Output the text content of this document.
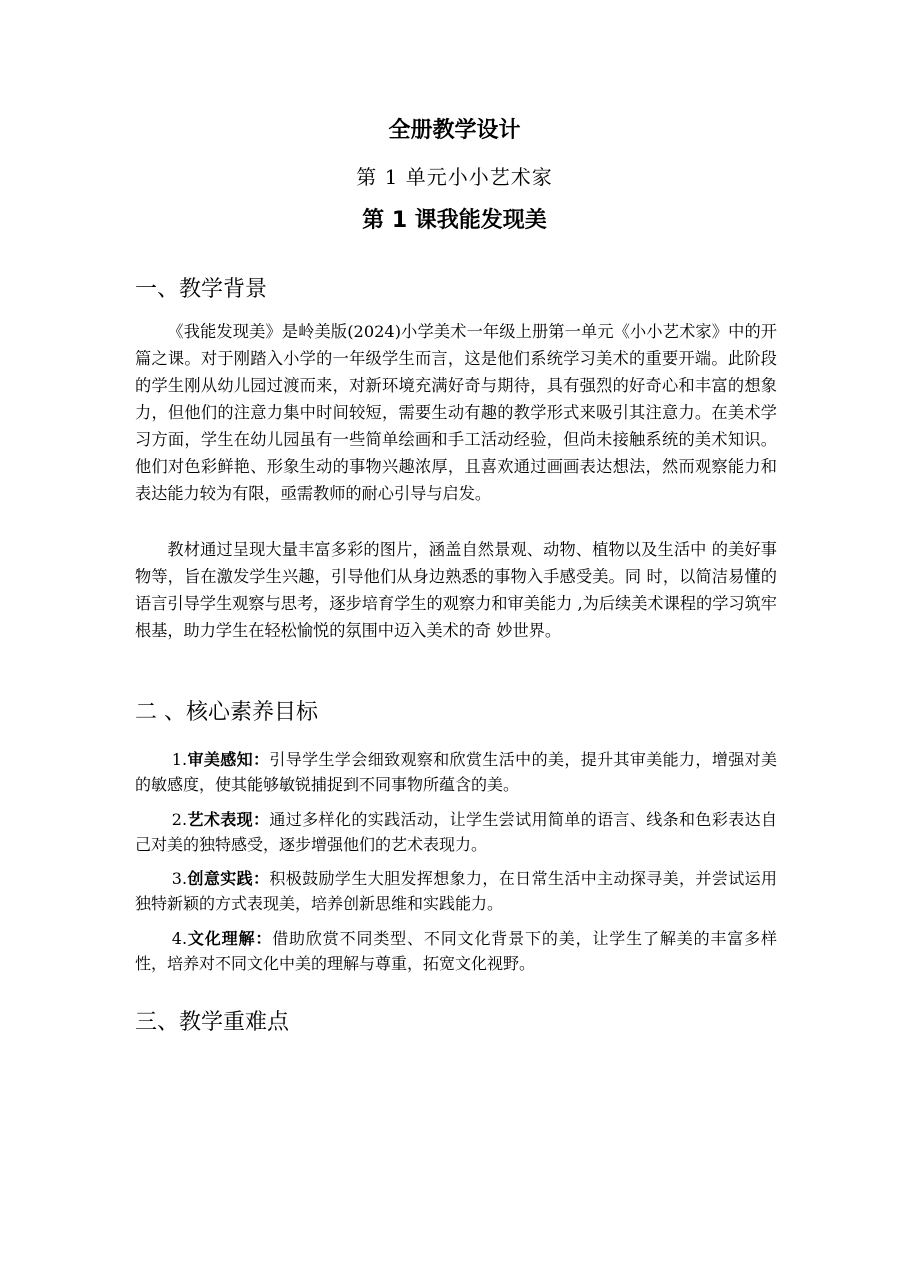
全册教学设计
第 1 单元小小艺术家
第 1 课我能发现美
一、教学背景
《我能发现美》是岭美版(2024)小学美术一年级上册第一单元《小小艺术家》中的开篇之课。对于刚踏入小学的一年级学生而言，这是他们系统学习美术的重要开端。此阶段的学生刚从幼儿园过渡而来，对新环境充满好奇与期待，具有强烈的好奇心和丰富的想象力，但他们的注意力集中时间较短，需要生动有趣的教学形式来吸引其注意力。在美术学习方面，学生在幼儿园虽有一些简单绘画和手工活动经验，但尚未接触系统的美术知识。他们对色彩鲜艳、形象生动的事物兴趣浓厚，且喜欢通过画画表达想法，然而观察能力和表达能力较为有限，亟需教师的耐心引导与启发。
教材通过呈现大量丰富多彩的图片，涵盖自然景观、动物、植物以及生活中 的美好事物等，旨在激发学生兴趣，引导他们从身边熟悉的事物入手感受美。同 时，以简洁易懂的语言引导学生观察与思考，逐步培育学生的观察力和审美能力 ,为后续美术课程的学习筑牢根基，助力学生在轻松愉悦的氛围中迈入美术的奇 妙世界。
二 、核心素养目标
1.审美感知：引导学生学会细致观察和欣赏生活中的美，提升其审美能力，增强对美的敏感度，使其能够敏锐捕捉到不同事物所蕴含的美。
2.艺术表现：通过多样化的实践活动，让学生尝试用简单的语言、线条和色彩表达自己对美的独特感受，逐步增强他们的艺术表现力。
3.创意实践：积极鼓励学生大胆发挥想象力，在日常生活中主动探寻美，并尝试运用独特新颖的方式表现美，培养创新思维和实践能力。
4.文化理解：借助欣赏不同类型、不同文化背景下的美，让学生了解美的丰富多样性，培养对不同文化中美的理解与尊重，拓宽文化视野。
三、教学重难点
